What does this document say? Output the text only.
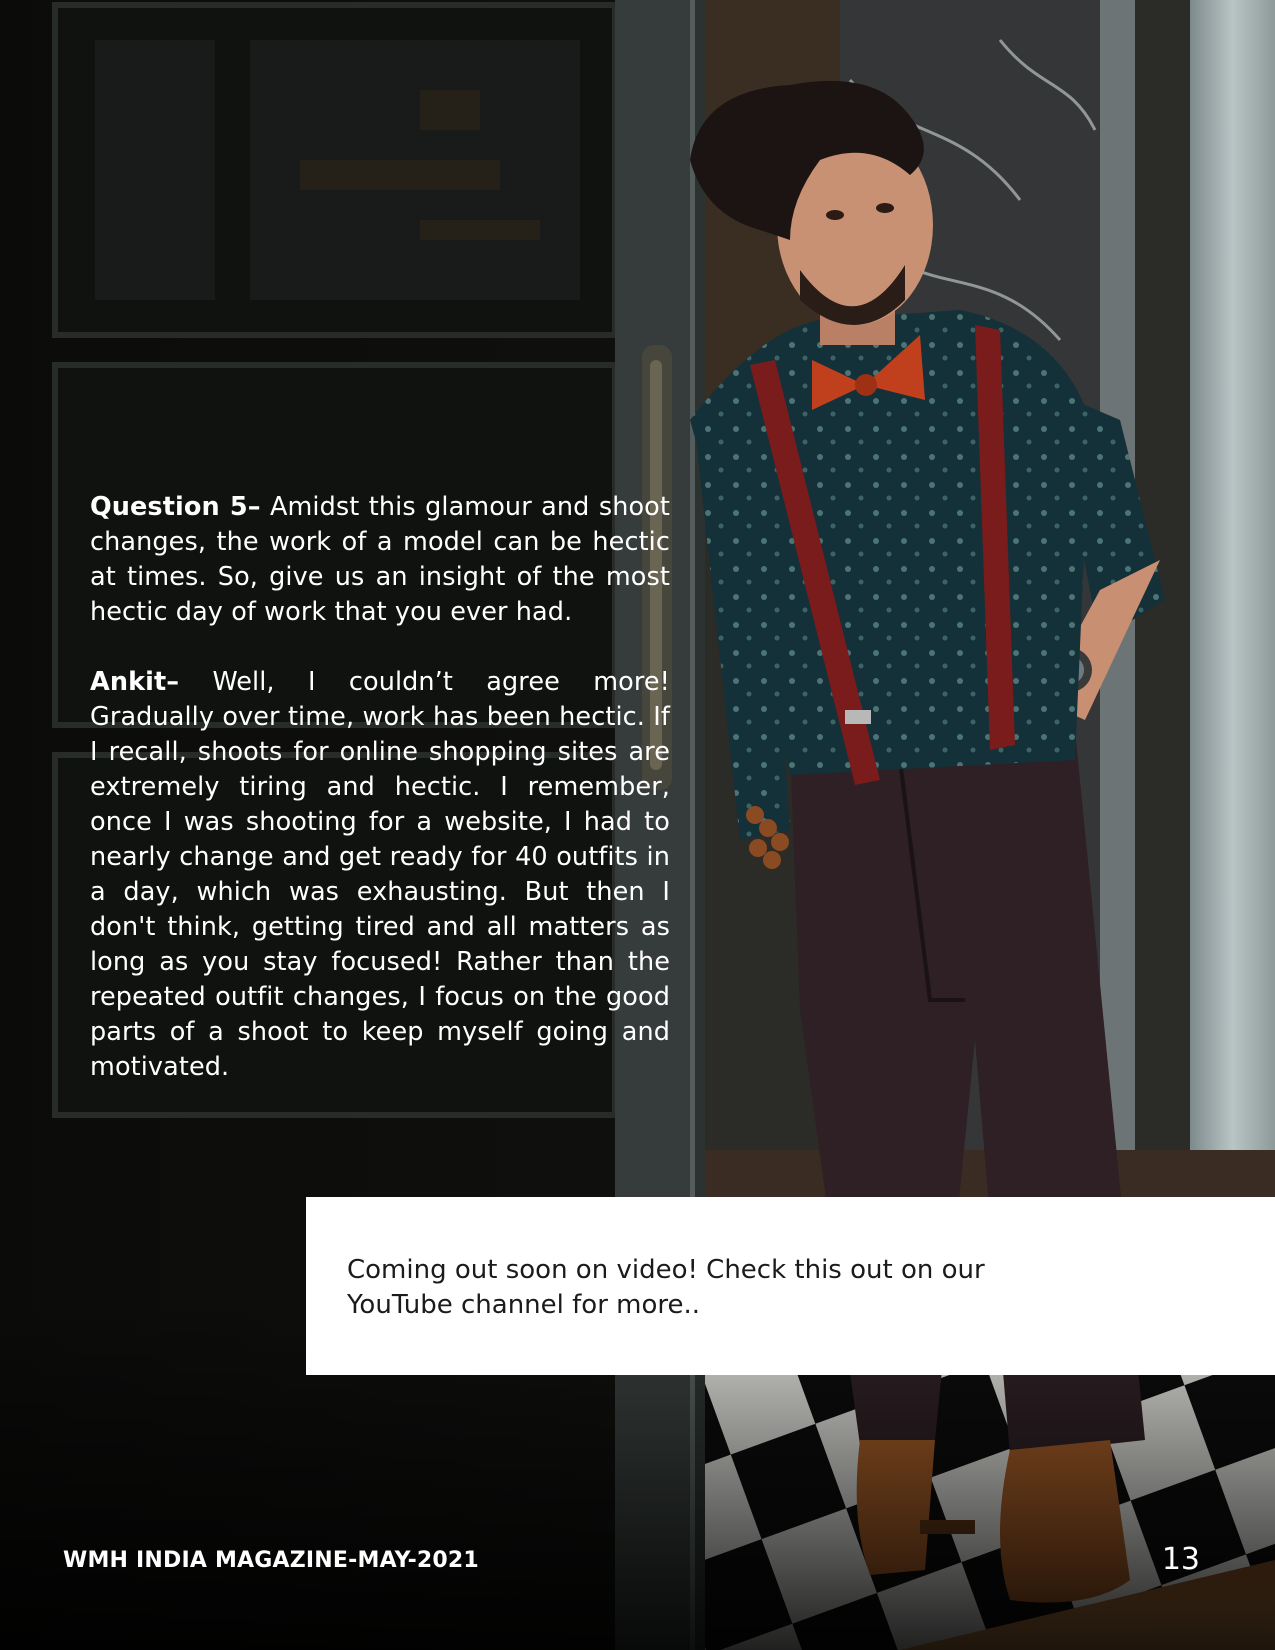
Question 5– Amidst this glamour and shoot changes, the work of a model can be hectic at times. So, give us an insight of the most hectic day of work that you ever had.

Ankit– Well, I couldn’t agree more! Gradually over time, work has been hectic. If I recall, shoots for online shopping sites are extremely tiring and hectic. I remember, once I was shooting for a website, I had to nearly change and get ready for 40 outfits in a day, which was exhausting. But then I don't think, getting tired and all matters as long as you stay focused! Rather than the repeated outfit changes, I focus on the good parts of a shoot to keep myself going and motivated.

Coming out soon on video! Check this out on our YouTube channel for more..
WMH INDIA MAGAZINE-MAY-2021	13
